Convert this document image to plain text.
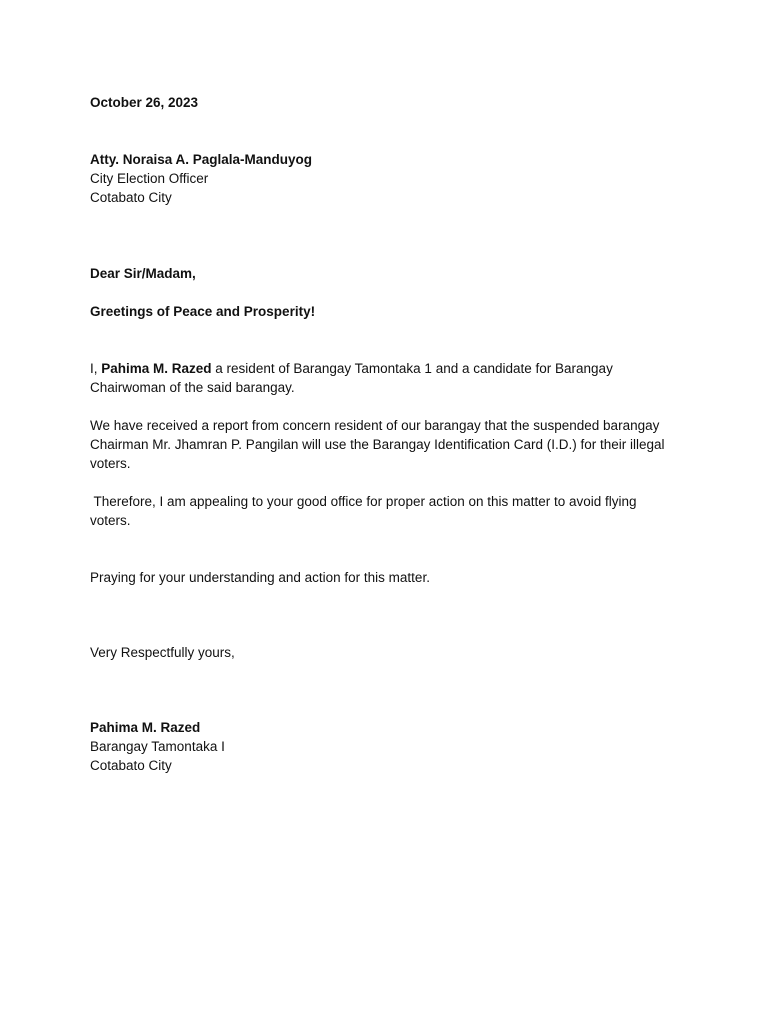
October 26, 2023
Atty. Noraisa A. Paglala-Manduyog
City Election Officer
Cotabato City
Dear Sir/Madam,
Greetings of Peace and Prosperity!
I, Pahima M. Razed a resident of Barangay Tamontaka 1 and a candidate for Barangay
Chairwoman of the said barangay.
We have received a report from concern resident of our barangay that the suspended barangay
Chairman Mr. Jhamran P. Pangilan will use the Barangay Identification Card (I.D.) for their illegal
voters.
Therefore, I am appealing to your good office for proper action on this matter to avoid flying
voters.
Praying for your understanding and action for this matter.
Very Respectfully yours,
Pahima M. Razed
Barangay Tamontaka I
Cotabato City
